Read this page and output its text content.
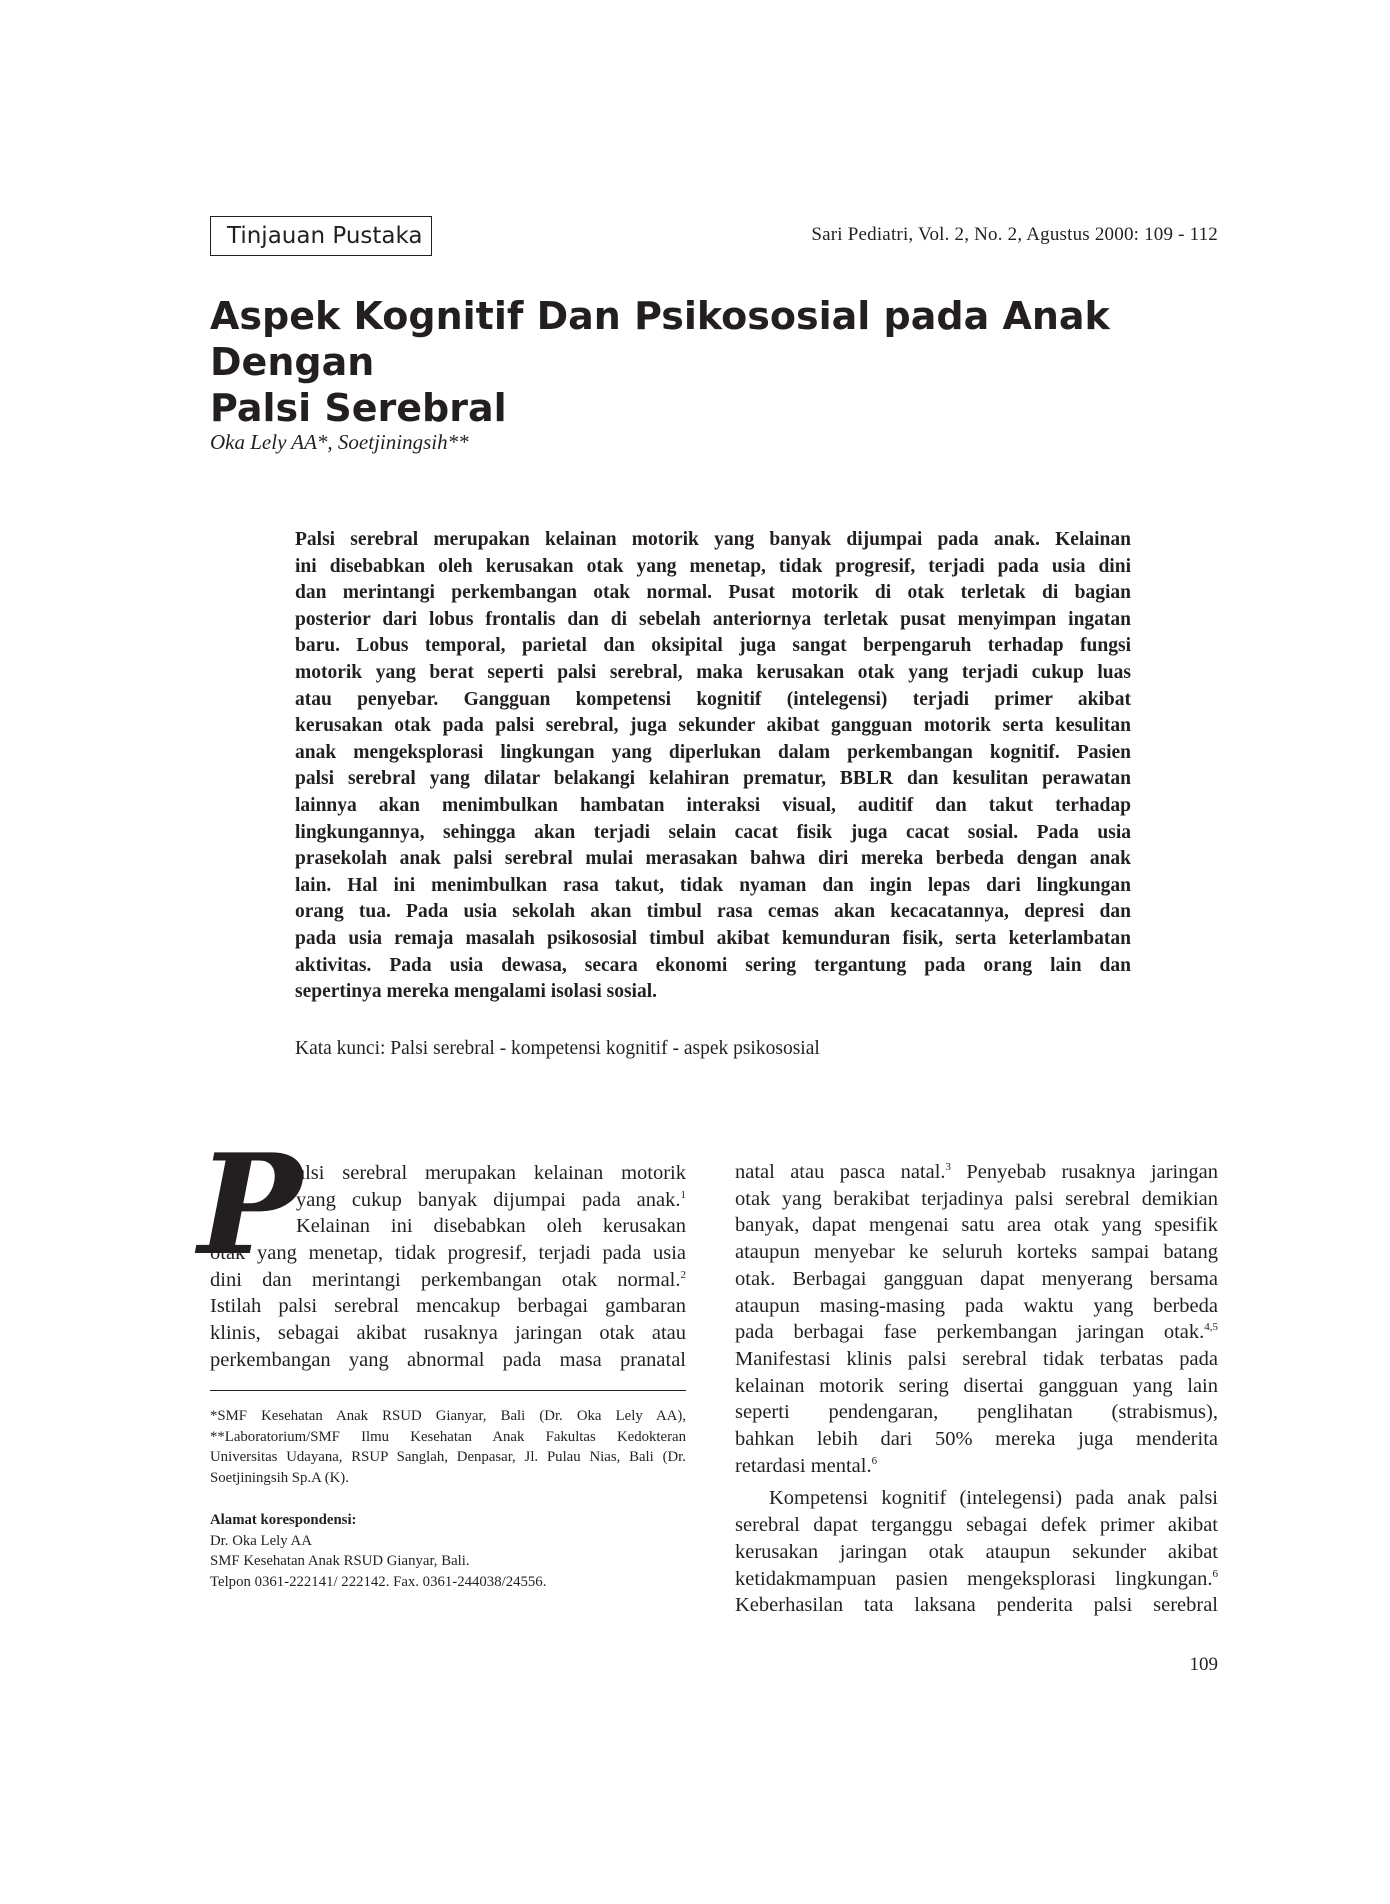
Tinjauan Pustaka	Sari Pediatri, Vol. 2, No. 2, Agustus 2000: 109 - 112
Aspek Kognitif Dan Psikososial pada Anak Dengan
Palsi Serebral
Oka Lely AA*, Soetjiningsih**
Palsi serebral merupakan kelainan motorik yang banyak dijumpai pada anak. Kelainan
ini disebabkan oleh kerusakan otak yang menetap, tidak progresif, terjadi pada usia dini
dan merintangi perkembangan otak normal. Pusat motorik di otak terletak di bagian
posterior dari lobus frontalis dan di sebelah anteriornya terletak pusat menyimpan ingatan
baru. Lobus temporal, parietal dan oksipital juga sangat berpengaruh terhadap fungsi
motorik yang berat seperti palsi serebral, maka kerusakan otak yang terjadi cukup luas
atau penyebar. Gangguan kompetensi kognitif (intelegensi) terjadi primer akibat
kerusakan otak pada palsi serebral, juga sekunder akibat gangguan motorik serta kesulitan
anak mengeksplorasi lingkungan yang diperlukan dalam perkembangan kognitif. Pasien
palsi serebral yang dilatar belakangi kelahiran prematur, BBLR dan kesulitan perawatan
lainnya akan menimbulkan hambatan interaksi visual, auditif dan takut terhadap
lingkungannya, sehingga akan terjadi selain cacat fisik juga cacat sosial. Pada usia
prasekolah anak palsi serebral mulai merasakan bahwa diri mereka berbeda dengan anak
lain. Hal ini menimbulkan rasa takut, tidak nyaman dan ingin lepas dari lingkungan
orang tua. Pada usia sekolah akan timbul rasa cemas akan kecacatannya, depresi dan
pada usia remaja masalah psikososial timbul akibat kemunduran fisik, serta keterlambatan
aktivitas. Pada usia dewasa, secara ekonomi sering tergantung pada orang lain dan
sepertinya mereka mengalami isolasi sosial.
Kata kunci: Palsi serebral - kompetensi kognitif - aspek psikososial
P
alsi serebral merupakan kelainan motorik
yang cukup banyak dijumpai pada anak.$^1$
Kelainan ini disebabkan oleh kerusakan
otak yang menetap, tidak progresif, terjadi pada usia
dini dan merintangi perkembangan otak normal.$^2$
Istilah palsi serebral mencakup berbagai gambaran
klinis, sebagai akibat rusaknya jaringan otak atau
perkembangan yang abnormal pada masa pranatal
*SMF Kesehatan Anak RSUD Gianyar, Bali (Dr. Oka Lely AA),
**Laboratorium/SMF Ilmu Kesehatan Anak Fakultas Kedokteran
Universitas Udayana, RSUP Sanglah, Denpasar, Jl. Pulau Nias, Bali (Dr.
Soetjiningsih Sp.A (K).
Alamat korespondensi:
Dr. Oka Lely AA
SMF Kesehatan Anak RSUD Gianyar, Bali.
Telpon 0361-222141/ 222142. Fax. 0361-244038/24556.
natal atau pasca natal.$^3$ Penyebab rusaknya jaringan
otak yang berakibat terjadinya palsi serebral demikian
banyak, dapat mengenai satu area otak yang spesifik
ataupun menyebar ke seluruh korteks sampai batang
otak. Berbagai gangguan dapat menyerang bersama
ataupun masing-masing pada waktu yang berbeda
pada berbagai fase perkembangan jaringan otak.$^{4,5}$
Manifestasi klinis palsi serebral tidak terbatas pada
kelainan motorik sering disertai gangguan yang lain
seperti pendengaran, penglihatan (strabismus),
bahkan lebih dari 50% mereka juga menderita
retardasi mental.$^6$
Kompetensi kognitif (intelegensi) pada anak palsi
serebral dapat terganggu sebagai defek primer akibat
kerusakan jaringan otak ataupun sekunder akibat
ketidakmampuan pasien mengeksplorasi lingkungan.$^6$
Keberhasilan tata laksana penderita palsi serebral
109
